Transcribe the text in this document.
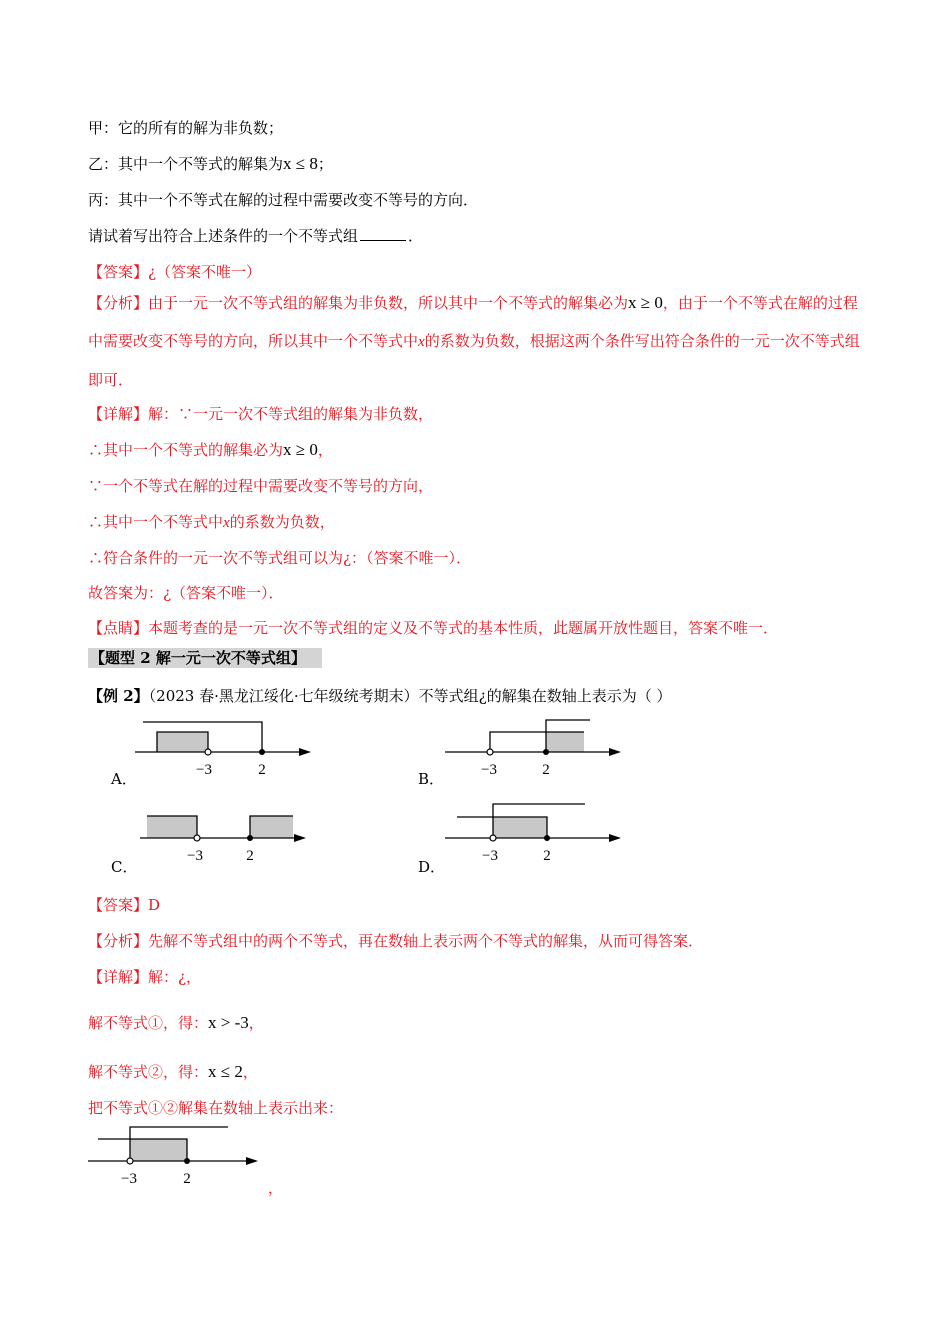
甲：它的所有的解为非负数；
乙：其中一个不等式的解集为x ≤ 8；
丙：其中一个不等式在解的过程中需要改变不等号的方向．
请试着写出符合上述条件的一个不等式组	．
【答案】¿（答案不唯一）
【分析】由于一元一次不等式组的解集为非负数，所以其中一个不等式的解集必为x ≥ 0，由于一个不等式在解的过程中需要改变不等号的方向，所以其中一个不等式中x的系数为负数，根据这两个条件写出符合条件的一元一次不等式组即可．
【详解】解：∵一元一次不等式组的解集为非负数，
∴其中一个不等式的解集必为x ≥ 0，
∵一个不等式在解的过程中需要改变不等号的方向，
∴其中一个不等式中x的系数为负数，
∴符合条件的一元一次不等式组可以为¿：（答案不唯一）．
故答案为：¿（答案不唯一）．
【点睛】本题考查的是一元一次不等式组的定义及不等式的基本性质，此题属开放性题目，答案不唯一．
【题型 2 解一元一次不等式组】
【例 2】（2023 春·黑龙江绥化·七年级统考期末）不等式组¿的解集在数轴上表示为（ ）
−3	2
A．	−3	2
B．
−3	2
C．
−3	2
D．
【答案】D
【分析】先解不等式组中的两个不等式，再在数轴上表示两个不等式的解集，从而可得答案．
【详解】解：¿，
解不等式①，得：x > -3，
解不等式②，得：x ≤ 2，
把不等式①②解集在数轴上表示出来：
−3	2	，
